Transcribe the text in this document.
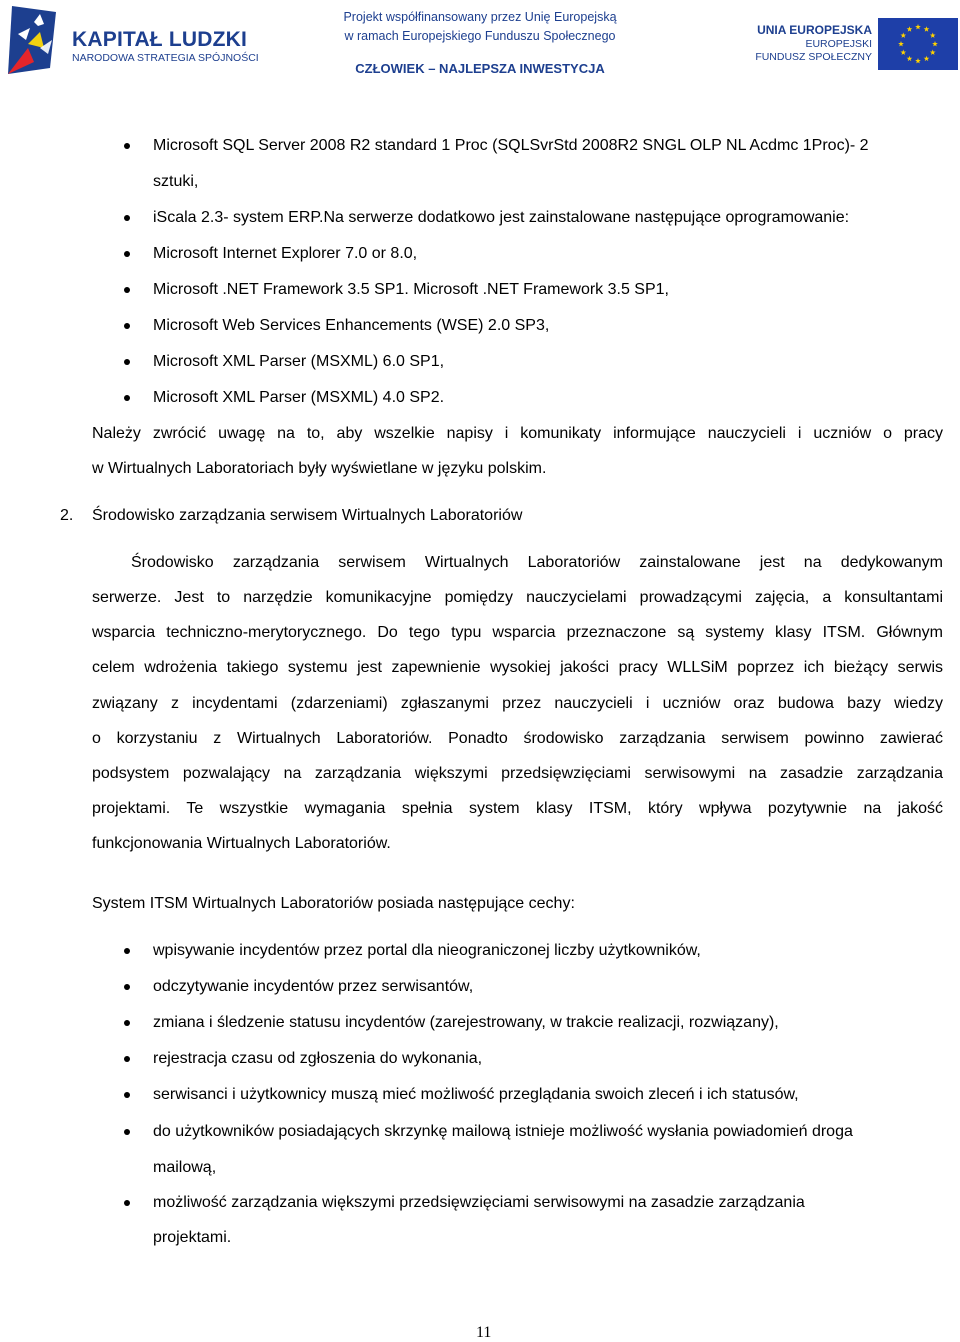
KAPITAŁ LUDZKI
NARODOWA STRATEGIA SPÓJNOŚCI
Projekt współfinansowany przez Unię Europejską
w ramach Europejskiego Funduszu Społecznego
CZŁOWIEK – NAJLEPSZA INWESTYCJA
UNIA EUROPEJSKA
EUROPEJSKI
FUNDUSZ SPOŁECZNY
Microsoft SQL Server 2008 R2 standard 1 Proc (SQLSvrStd 2008R2 SNGL OLP NL Acdmc 1Proc)- 2
sztuki,
iScala 2.3- system ERP.Na serwerze dodatkowo jest zainstalowane następujące oprogramowanie:
Microsoft Internet Explorer 7.0 or 8.0,
Microsoft .NET Framework 3.5 SP1. Microsoft .NET Framework 3.5 SP1,
Microsoft Web Services Enhancements (WSE) 2.0 SP3,
Microsoft XML Parser (MSXML) 6.0 SP1,
Microsoft XML Parser (MSXML) 4.0 SP2.
Należy zwrócić uwagę na to, aby wszelkie napisy i komunikaty informujące nauczycieli i uczniów o pracy
w Wirtualnych Laboratoriach były wyświetlane w języku polskim.
2. Środowisko zarządzania serwisem Wirtualnych Laboratoriów
Środowisko zarządzania serwisem Wirtualnych Laboratoriów zainstalowane jest na dedykowanym
serwerze. Jest to narzędzie komunikacyjne pomiędzy nauczycielami prowadzącymi zajęcia, a konsultantami
wsparcia techniczno-merytorycznego. Do tego typu wsparcia przeznaczone są systemy klasy ITSM. Głównym
celem wdrożenia takiego systemu jest zapewnienie wysokiej jakości pracy WLLSiM poprzez ich bieżący serwis
związany z incydentami (zdarzeniami) zgłaszanymi przez nauczycieli i uczniów oraz budowa bazy wiedzy
o korzystaniu z Wirtualnych Laboratoriów. Ponadto środowisko zarządzania serwisem powinno zawierać
podsystem pozwalający na zarządzania większymi przedsięwzięciami serwisowymi na zasadzie zarządzania
projektami. Te wszystkie wymagania spełnia system klasy ITSM, który wpływa pozytywnie na jakość
funkcjonowania Wirtualnych Laboratoriów.
System ITSM Wirtualnych Laboratoriów posiada następujące cechy:
wpisywanie incydentów przez portal dla nieograniczonej liczby użytkowników,
odczytywanie incydentów przez serwisantów,
zmiana i śledzenie statusu incydentów (zarejestrowany, w trakcie realizacji, rozwiązany),
rejestracja czasu od zgłoszenia do wykonania,
serwisanci i użytkownicy muszą mieć możliwość przeglądania swoich zleceń i ich statusów,
do użytkowników posiadających skrzynkę mailową istnieje możliwość wysłania powiadomień droga
mailową,
możliwość zarządzania większymi przedsięwzięciami serwisowymi na zasadzie zarządzania
projektami.
11
